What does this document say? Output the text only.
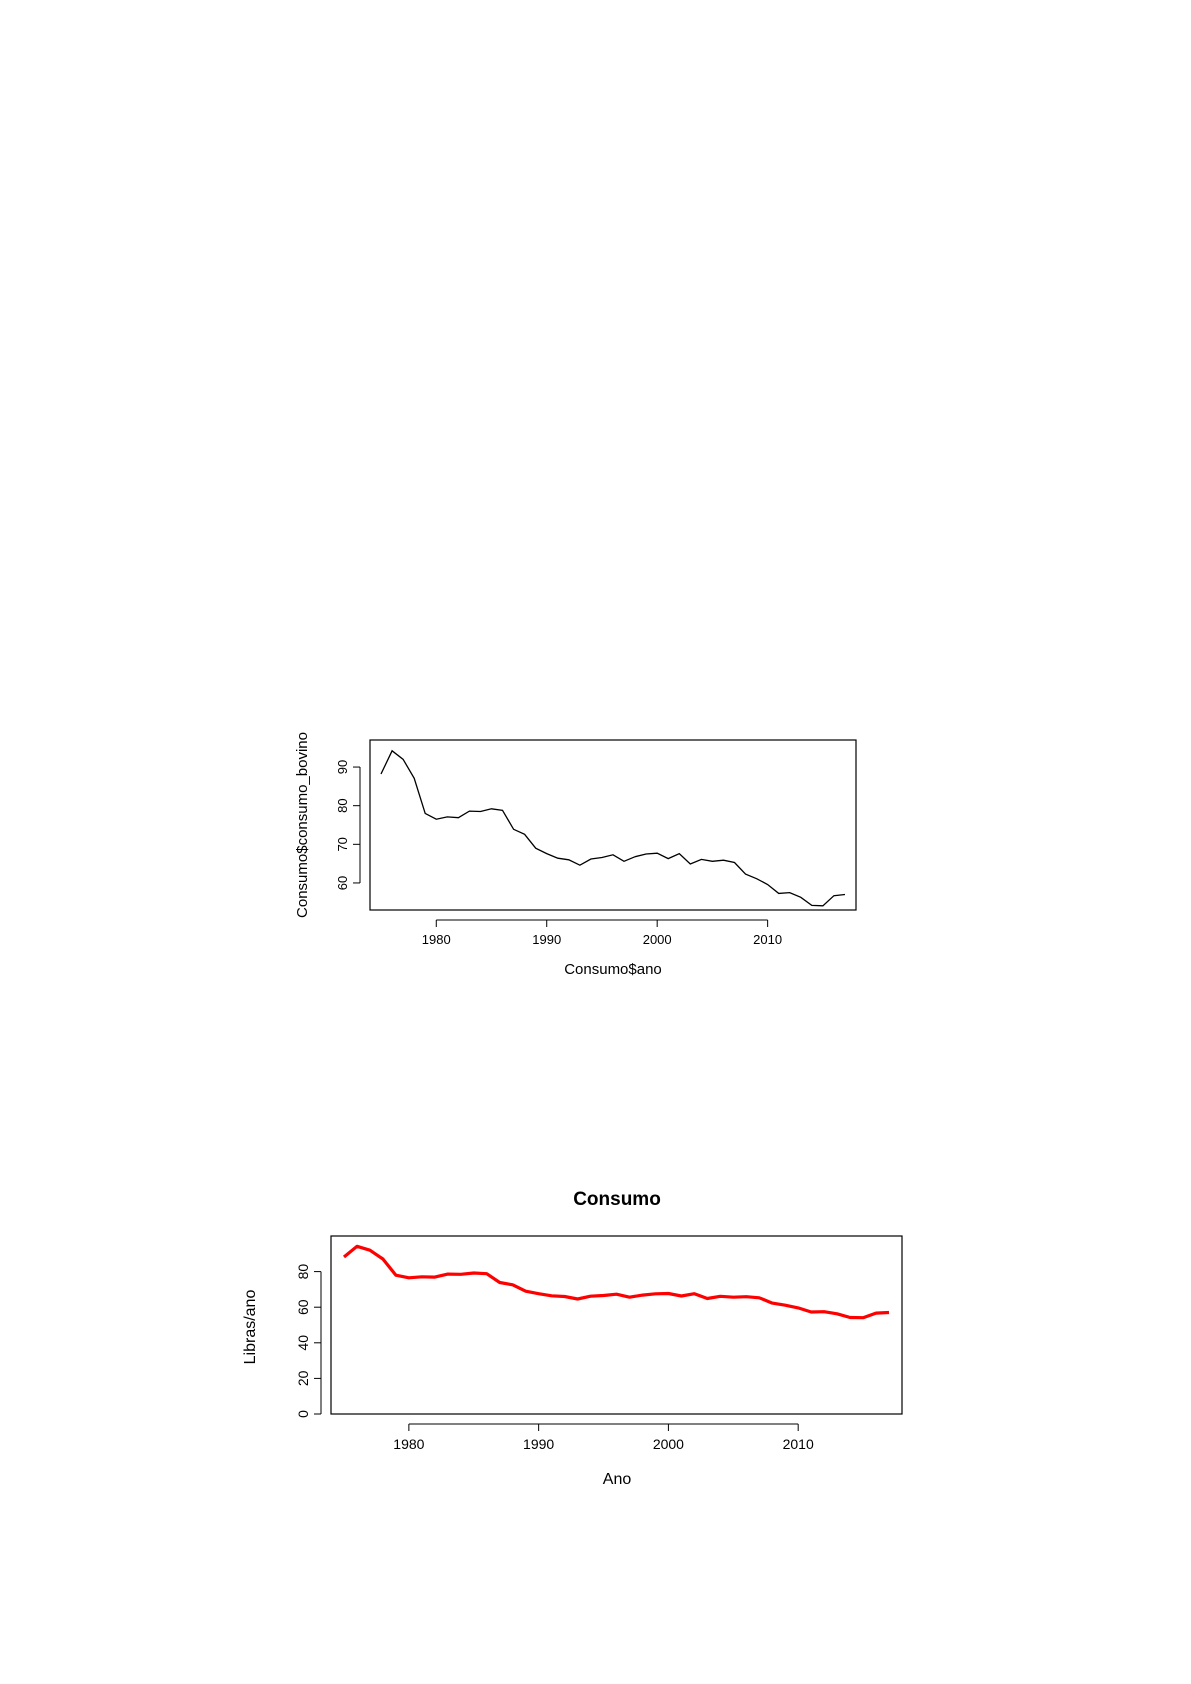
1980	1990	2000	2010
60
70
80
90
Consumo$ano
Consumo$consumo_bovino
Consumo
1980	1990	2000	2010
0
20
40
60
80
Ano
Libras/ano
